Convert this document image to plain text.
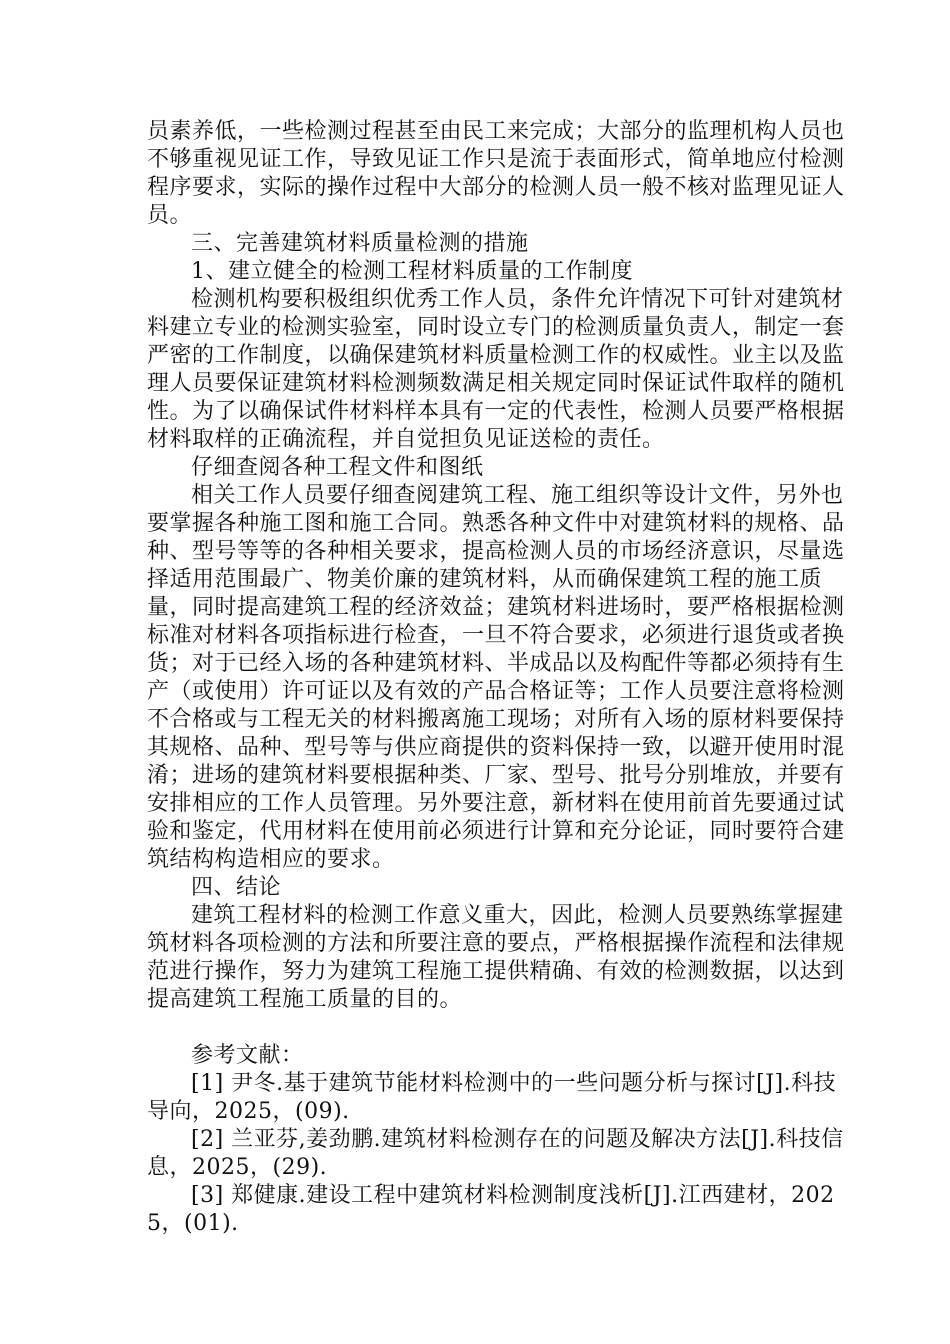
员素养低，一些检测过程甚至由民工来完成；大部分的监理机构人员也不够重视见证工作，导致见证工作只是流于表面形式，简单地应付检测程序要求，实际的操作过程中大部分的检测人员一般不核对监理见证人员。

三、完善建筑材料质量检测的措施

1、建立健全的检测工程材料质量的工作制度

检测机构要积极组织优秀工作人员，条件允许情况下可针对建筑材料建立专业的检测实验室，同时设立专门的检测质量负责人，制定一套严密的工作制度，以确保建筑材料质量检测工作的权威性。业主以及监理人员要保证建筑材料检测频数满足相关规定同时保证试件取样的随机性。为了以确保试件材料样本具有一定的代表性，检测人员要严格根据材料取样的正确流程，并自觉担负见证送检的责任。

仔细查阅各种工程文件和图纸

相关工作人员要仔细查阅建筑工程、施工组织等设计文件，另外也要掌握各种施工图和施工合同。熟悉各种文件中对建筑材料的规格、品种、型号等等的各种相关要求，提高检测人员的市场经济意识，尽量选择适用范围最广、物美价廉的建筑材料，从而确保建筑工程的施工质量，同时提高建筑工程的经济效益；建筑材料进场时，要严格根据检测标准对材料各项指标进行检查，一旦不符合要求，必须进行退货或者换货；对于已经入场的各种建筑材料、半成品以及构配件等都必须持有生产（或使用）许可证以及有效的产品合格证等；工作人员要注意将检测不合格或与工程无关的材料搬离施工现场；对所有入场的原材料要保持其规格、品种、型号等与供应商提供的资料保持一致，以避开使用时混淆；进场的建筑材料要根据种类、厂家、型号、批号分别堆放，并要有安排相应的工作人员管理。另外要注意，新材料在使用前首先要通过试验和鉴定，代用材料在使用前必须进行计算和充分论证，同时要符合建筑结构构造相应的要求。

四、结论

建筑工程材料的检测工作意义重大，因此，检测人员要熟练掌握建筑材料各项检测的方法和所要注意的要点，严格根据操作流程和法律规范进行操作，努力为建筑工程施工提供精确、有效的检测数据，以达到提高建筑工程施工质量的目的。

参考文献：

[1] 尹冬.基于建筑节能材料检测中的一些问题分析与探讨[J].科技导向，2025，(09).

[2] 兰亚芬,姜劲鹏.建筑材料检测存在的问题及解决方法[J].科技信息，2025，(29).

[3] 郑健康.建设工程中建筑材料检测制度浅析[J].江西建材，2025，(01).
